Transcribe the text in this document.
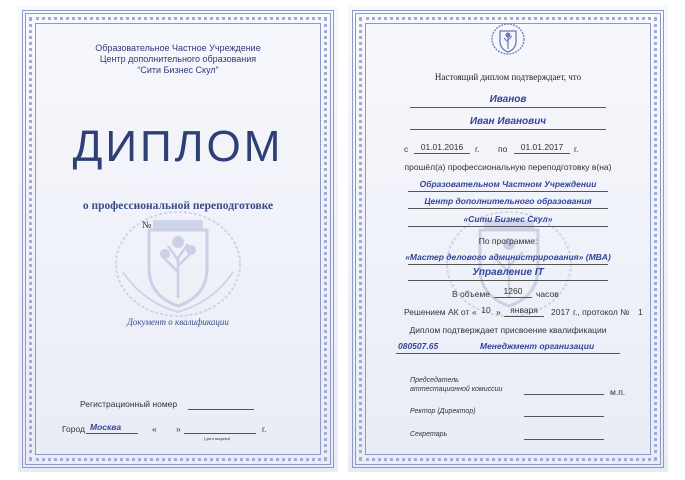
Образовательное Частное Учреждение
Центр дополнительного образования
“Сити Бизнес Скул”
ДИПЛОМ
о профессиональной переподготовке
№
Документ о квалификации
Регистрационный номер
Город Москва	« »	г.
(дата выдачи)
Настоящий диплом подтверждает, что
Иванов
Иван Иванович
с	01.01.2016	г. по	01.01.2017	г.
прошёл(а) профессиональную переподготовку в(на)
Образовательном Частном Учреждении
Центр дополнительного образования
«Сити Бизнес Скул»
По программе:
«Мастер делового администрирования» (MBA)
Управление IT
В объеме	1260	часов
Решением АК от « 10 »	января	2017 г., протокол № 1
Диплом подтверждает присвоение квалификации
080507.65	Менеджмент организации
Председатель
аттестационной комиссии	м.п.
Ректор (Директор)
Секретарь
